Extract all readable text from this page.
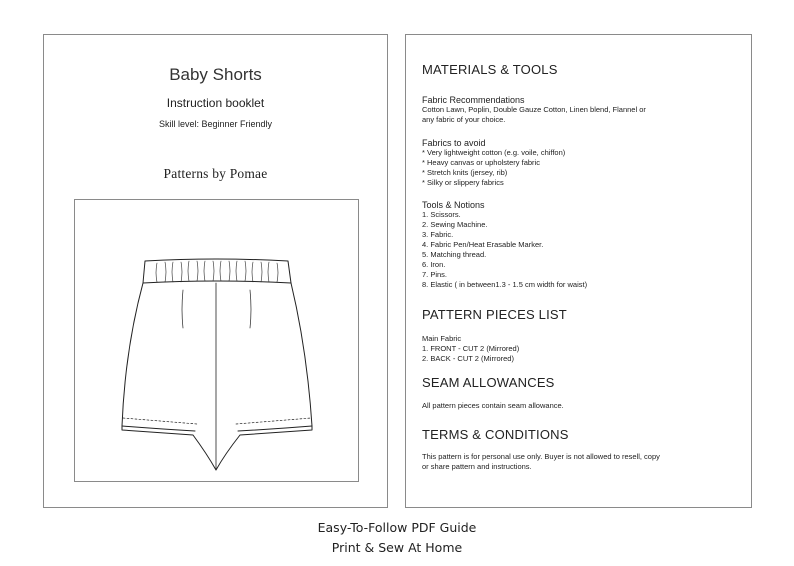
Baby Shorts
Instruction booklet
Skill level: Beginner Friendly
Patterns by Pomae

MATERIALS & TOOLS

Fabric Recommendations

Cotton Lawn, Poplin, Double Gauze Cotton, Linen blend, Flannel or

any fabric of your choice.

Fabrics to avoid

* Very lightweight cotton (e.g. voile, chiffon)

* Heavy canvas or upholstery fabric

* Stretch knits (jersey, rib)

* Silky or slippery fabrics

Tools & Notions

1. Scissors.

2. Sewing Machine.

3. Fabric.

4. Fabric Pen/Heat Erasable Marker.

5. Matching thread.

6. Iron.

7. Pins.

8. Elastic ( in between1.3 - 1.5 cm width for waist)

PATTERN PIECES LIST

Main Fabric

1. FRONT - CUT 2 (Mirrored)

2. BACK - CUT 2 (Mirrored)

SEAM ALLOWANCES

All pattern pieces contain seam allowance.

TERMS & CONDITIONS

This pattern is for personal use only. Buyer is not allowed to resell, copy

or share pattern and instructions.

Easy-To-Follow PDF Guide
Print & Sew At Home
